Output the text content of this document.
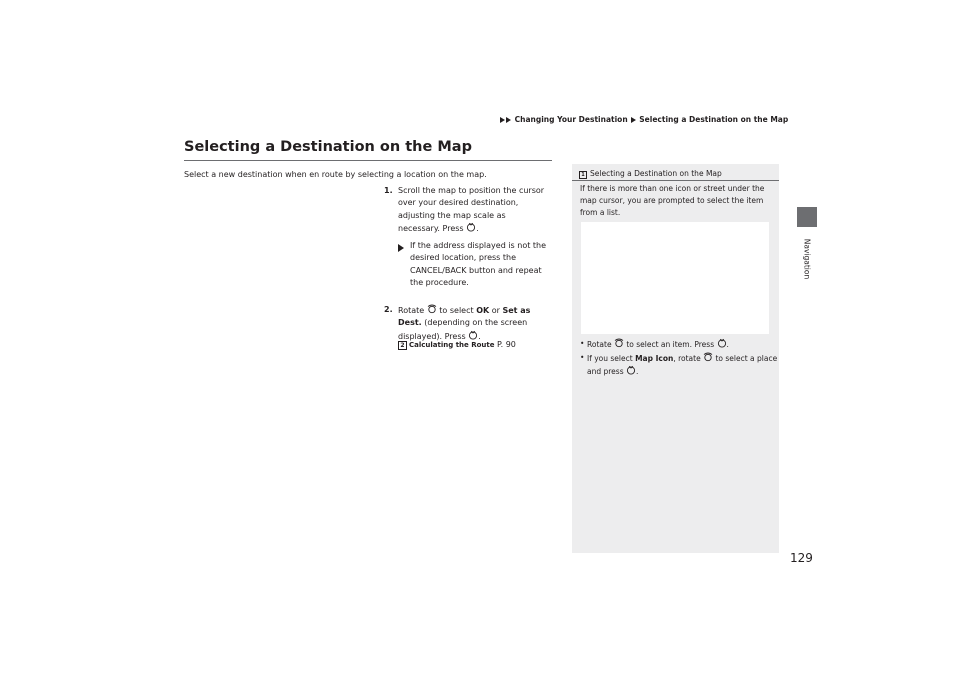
Changing Your Destination Selecting a Destination on the Map
Navigation
129
Selecting a Destination on the Map
Select a new destination when en route by selecting a location on the map.
1. Scroll the map to position the cursor over your desired destination, adjusting the map scale as necessary. Press .
If the address displayed is not the desired location, press the CANCEL/BACK button and repeat the procedure.
2. Rotate to select OK or Set as Dest. (depending on the screen displayed). Press .
2 Calculating the Route P. 90
1 Selecting a Destination on the Map
If there is more than one icon or street under the map cursor, you are prompted to select the item from a list.
• Rotate to select an item. Press .
• If you select Map Icon, rotate to select a place and press .
